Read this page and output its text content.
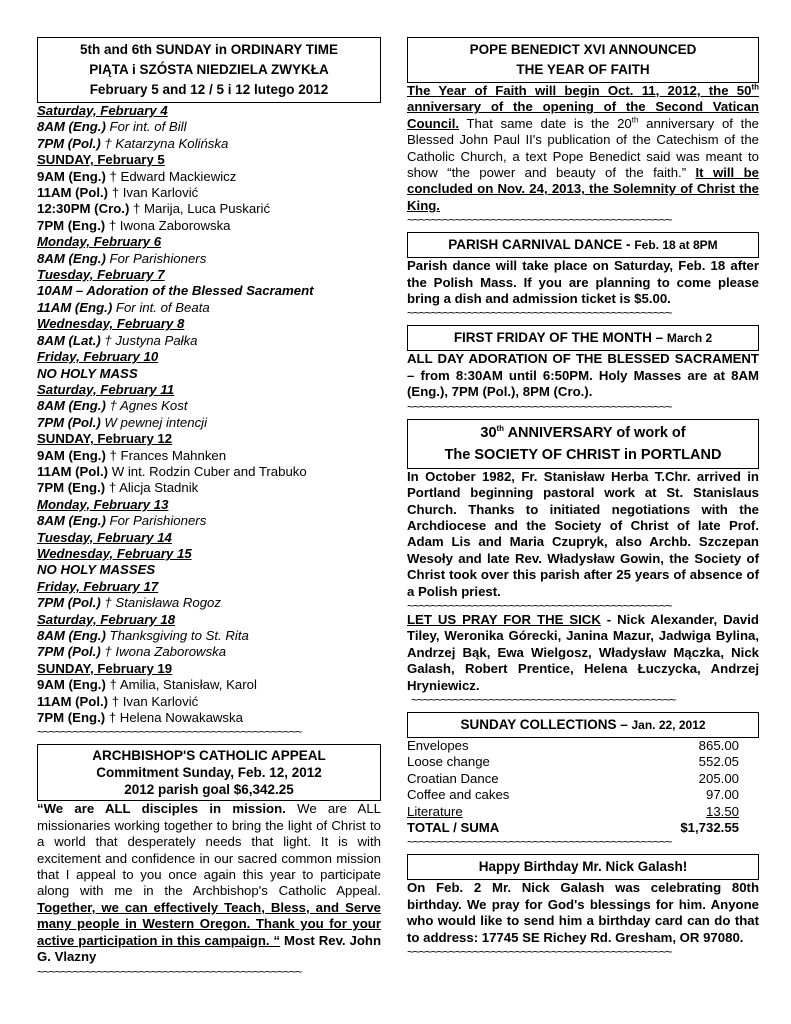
5th and 6th SUNDAY in ORDINARY TIME
PIĄTA i SZÓSTA NIEDZIELA ZWYKŁA
February 5 and 12 / 5 i 12 lutego 2012
Saturday, February 4
8AM (Eng.) For int. of Bill
7PM (Pol.) † Katarzyna Kolińska
SUNDAY, February 5
9AM (Eng.) † Edward Mackiewicz
11AM (Pol.) † Ivan Karlović
12:30PM (Cro.) † Marija, Luca Puskarić
7PM (Eng.) † Iwona Zaborowska
Monday, February 6
8AM (Eng.) For Parishioners
Tuesday, February 7
10AM – Adoration of the Blessed Sacrament
11AM (Eng.) For int. of Beata
Wednesday, February 8
8AM (Lat.) † Justyna Pałka
Friday, February 10
NO HOLY MASS
Saturday, February 11
8AM (Eng.) † Agnes Kost
7PM (Pol.) W pewnej intencji
SUNDAY, February 12
9AM (Eng.) † Frances Mahnken
11AM (Pol.) W int. Rodzin Cuber and Trabuko
7PM (Eng.) † Alicja Stadnik
Monday, February 13
8AM (Eng.) For Parishioners
Tuesday, February 14
Wednesday, February 15
NO HOLY MASSES
Friday, February 17
7PM (Pol.) † Stanisława Rogoz
Saturday, February 18
8AM (Eng.) Thanksgiving to St. Rita
7PM (Pol.) † Iwona Zaborowska
SUNDAY, February 19
9AM (Eng.) † Amilia, Stanisław, Karol
11AM (Pol.) † Ivan Karlović
7PM (Eng.) † Helena Nowakawska
~~~~~~~~~~~~~~~~~~~~~~~~~~~~~~~~~~~~~~~~~~~~
ARCHBISHOP'S CATHOLIC APPEAL
Commitment Sunday, Feb. 12, 2012
2012 parish goal $6,342.25
“We are ALL disciples in mission. We are ALL missionaries working together to bring the light of Christ to a world that desperately needs that light. It is with excitement and confidence in our sacred common mission that I appeal to you once again this year to participate along with me in the Archbishop's Catholic Appeal. Together, we can effectively Teach, Bless, and Serve many people in Western Oregon. Thank you for your active participation in this campaign. “ Most Rev. John G. Vlazny
~~~~~~~~~~~~~~~~~~~~~~~~~~~~~~~~~~~~~~~~~~~~
POPE BENEDICT XVI ANNOUNCED
THE YEAR OF FAITH
The Year of Faith will begin Oct. 11, 2012, the 50th anniversary of the opening of the Second Vatican Council. That same date is the 20th anniversary of the Blessed John Paul II's publication of the Catechism of the Catholic Church, a text Pope Benedict said was meant to show “the power and beauty of the faith.” It will be concluded on Nov. 24, 2013, the Solemnity of Christ the King.
~~~~~~~~~~~~~~~~~~~~~~~~~~~~~~~~~~~~~~~~~~~~
PARISH CARNIVAL DANCE - Feb. 18 at 8PM
Parish dance will take place on Saturday, Feb. 18 after the Polish Mass. If you are planning to come please bring a dish and admission ticket is $5.00.
~~~~~~~~~~~~~~~~~~~~~~~~~~~~~~~~~~~~~~~~~~~~
FIRST FRIDAY OF THE MONTH – March 2
ALL DAY ADORATION OF THE BLESSED SACRAMENT – from 8:30AM until 6:50PM. Holy Masses are at 8AM (Eng.), 7PM (Pol.), 8PM (Cro.).
~~~~~~~~~~~~~~~~~~~~~~~~~~~~~~~~~~~~~~~~~~~~
30th ANNIVERSARY of work of
The SOCIETY OF CHRIST in PORTLAND
In October 1982, Fr. Stanisław Herba T.Chr. arrived in Portland beginning pastoral work at St. Stanislaus Church. Thanks to initiated negotiations with the Archdiocese and the Society of Christ of late Prof. Adam Lis and Maria Czupryk, also Archb. Szczepan Wesoły and late Rev. Władysław Gowin, the Society of Christ took over this parish after 25 years of absence of a Polish priest.
~~~~~~~~~~~~~~~~~~~~~~~~~~~~~~~~~~~~~~~~~~~~
LET US PRAY FOR THE SICK - Nick Alexander, David Tiley, Weronika Górecki, Janina Mazur, Jadwiga Bylina, Andrzej Bąk, Ewa Wielgosz, Władysław Mączka, Nick Galash, Robert Prentice, Helena Łuczycka, Andrzej Hryniewicz.
~~~~~~~~~~~~~~~~~~~~~~~~~~~~~~~~~~~~~~~~~~~~
SUNDAY COLLECTIONS – Jan. 22, 2012
Envelopes	865.00
Loose change	552.05
Croatian Dance	205.00
Coffee and cakes	97.00
Literature	13.50
TOTAL / SUMA	$1,732.55
~~~~~~~~~~~~~~~~~~~~~~~~~~~~~~~~~~~~~~~~~~~~
Happy Birthday Mr. Nick Galash!
On Feb. 2 Mr. Nick Galash was celebrating 80th birthday. We pray for God's blessings for him. Anyone who would like to send him a birthday card can do that to address: 17745 SE Richey Rd. Gresham, OR 97080.
~~~~~~~~~~~~~~~~~~~~~~~~~~~~~~~~~~~~~~~~~~~~
